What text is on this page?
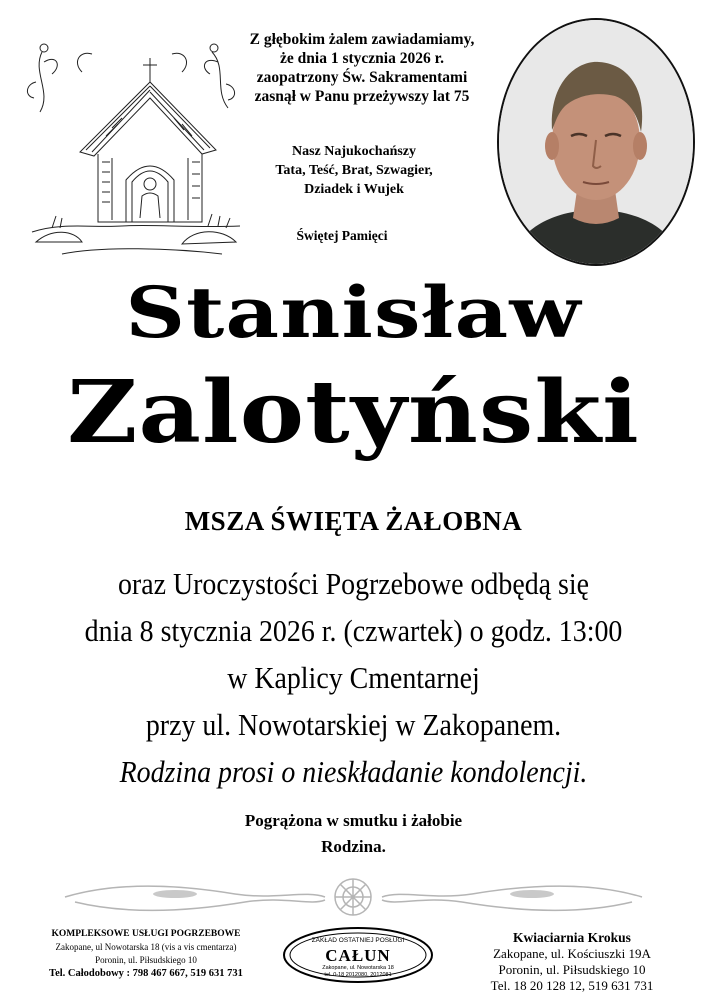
Z głębokim żalem zawiadamiamy,
że dnia 1 stycznia 2026 r.
zaopatrzony Św. Sakramentami
zasnął w Panu przeżywszy lat 75
Nasz Najukochańszy
Tata, Teść, Brat, Szwagier,
Dziadek i Wujek
Świętej Pamięci
Stanisław
Zalotyński
MSZA ŚWIĘTA ŻAŁOBNA
oraz Uroczystości Pogrzebowe odbędą się
dnia 8 stycznia 2026 r. (czwartek) o godz. 13:00
w Kaplicy Cmentarnej
przy ul. Nowotarskiej w Zakopanem.
Rodzina prosi o nieskładanie kondolencji.
Pogrążona w smutku i żałobie
Rodzina.
KOMPLEKSOWE USŁUGI POGRZEBOWE
Zakopane, ul Nowotarska 18 (vis a vis cmentarza)
Poronin, ul. Piłsudskiego 10
Tel. Całodobowy : 798 467 667, 519 631 731
ZAKŁAD OSTATNIEJ POSŁUGI
CAŁUN
Zakopane, ul. Nowotarska 18
tel. 0-18 2012080, 2012081
Kwiaciarnia Krokus
Zakopane, ul. Kościuszki 19A
Poronin, ul. Piłsudskiego 10
Tel. 18 20 128 12, 519 631 731
